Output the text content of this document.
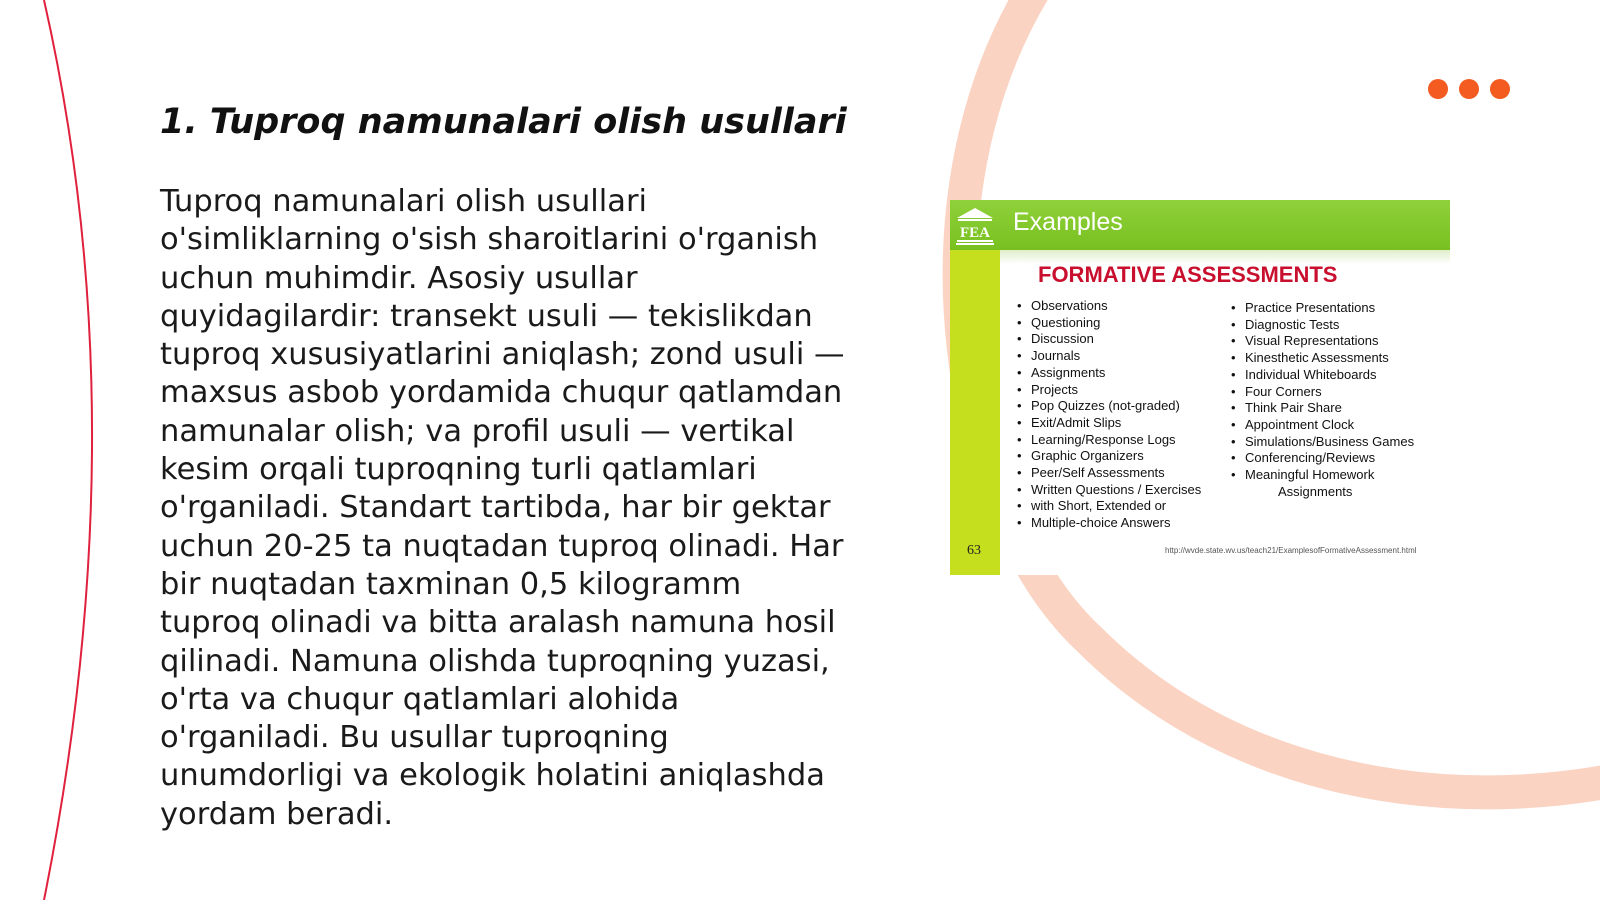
1. Tuproq namunalari olish usullari

Tuproq namunalari olish usullari o'simliklarning o'sish sharoitlarini o'rganish uchun muhimdir. Asosiy usullar quyidagilardir: transekt usuli — tekislikdan tuproq xususiyatlarini aniqlash; zond usuli — maxsus asbob yordamida chuqur qatlamdan namunalar olish; va profil usuli — vertikal kesim orqali tuproqning turli qatlamlari o'rganiladi. Standart tartibda, har bir gektar uchun 20-25 ta nuqtadan tuproq olinadi. Har bir nuqtadan taxminan 0,5 kilogramm tuproq olinadi va bitta aralash namuna hosil qilinadi. Namuna olishda tuproqning yuzasi, o'rta va chuqur qatlamlari alohida o'rganiladi. Bu usullar tuproqning unumdorligi va ekologik holatini aniqlashda yordam beradi.

FEA Examples
FORMATIVE ASSESSMENTS
• Observations
• Questioning
• Discussion
• Journals
• Assignments
• Projects
• Pop Quizzes (not-graded)
• Exit/Admit Slips
• Learning/Response Logs
• Graphic Organizers
• Peer/Self Assessments
• Written Questions / Exercises
• with Short, Extended or
• Multiple-choice Answers
• Practice Presentations
• Diagnostic Tests
• Visual Representations
• Kinesthetic Assessments
• Individual Whiteboards
• Four Corners
• Think Pair Share
• Appointment Clock
• Simulations/Business Games
• Conferencing/Reviews
• Meaningful Homework
Assignments
63	http://wvde.state.wv.us/teach21/ExamplesofFormativeAssessment.html
